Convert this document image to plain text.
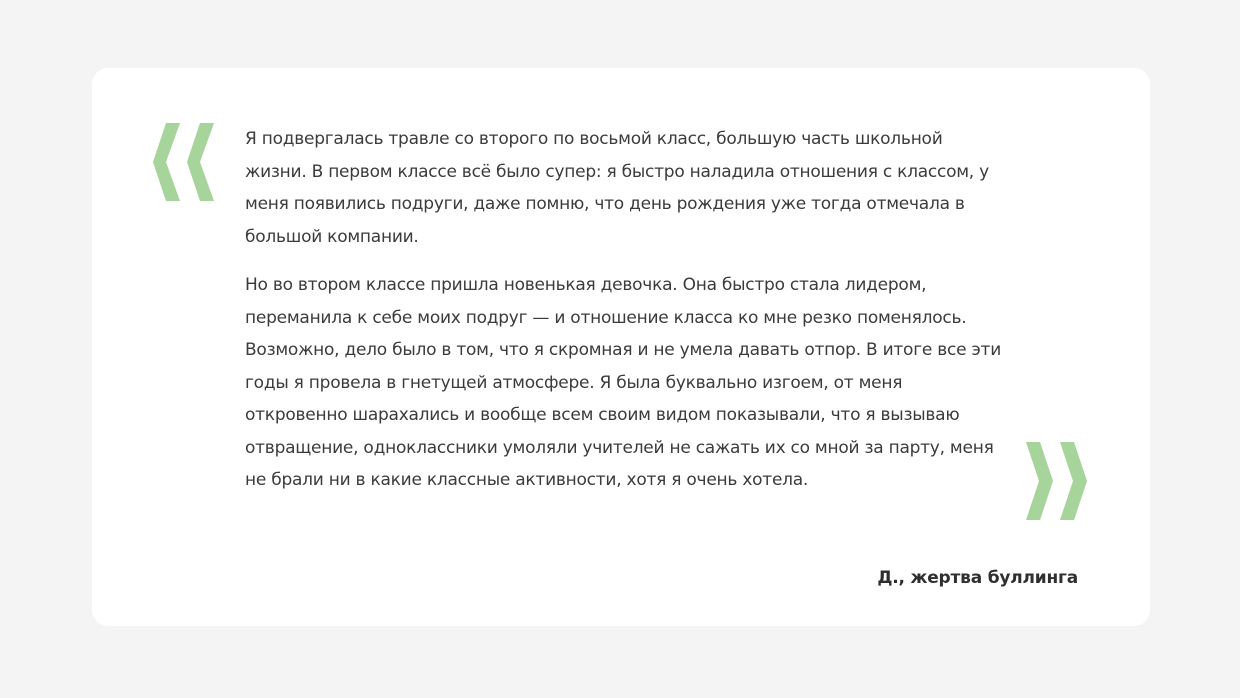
Я подвергалась травле со второго по восьмой класс, большую часть школьной жизни. В первом классе всё было супер: я быстро наладила отношения с классом, у меня появились подруги, даже помню, что день рождения уже тогда отмечала в большой компании.

Но во втором классе пришла новенькая девочка. Она быстро стала лидером, переманила к себе моих подруг — и отношение класса ко мне резко поменялось. Возможно, дело было в том, что я скромная и не умела давать отпор. В итоге все эти годы я провела в гнетущей атмосфере. Я была буквально изгоем, от меня откровенно шарахались и вообще всем своим видом показывали, что я вызываю отвращение, одноклассники умоляли учителей не сажать их со мной за парту, меня не брали ни в какие классные активности, хотя я очень хотела.

Д., жертва буллинга
